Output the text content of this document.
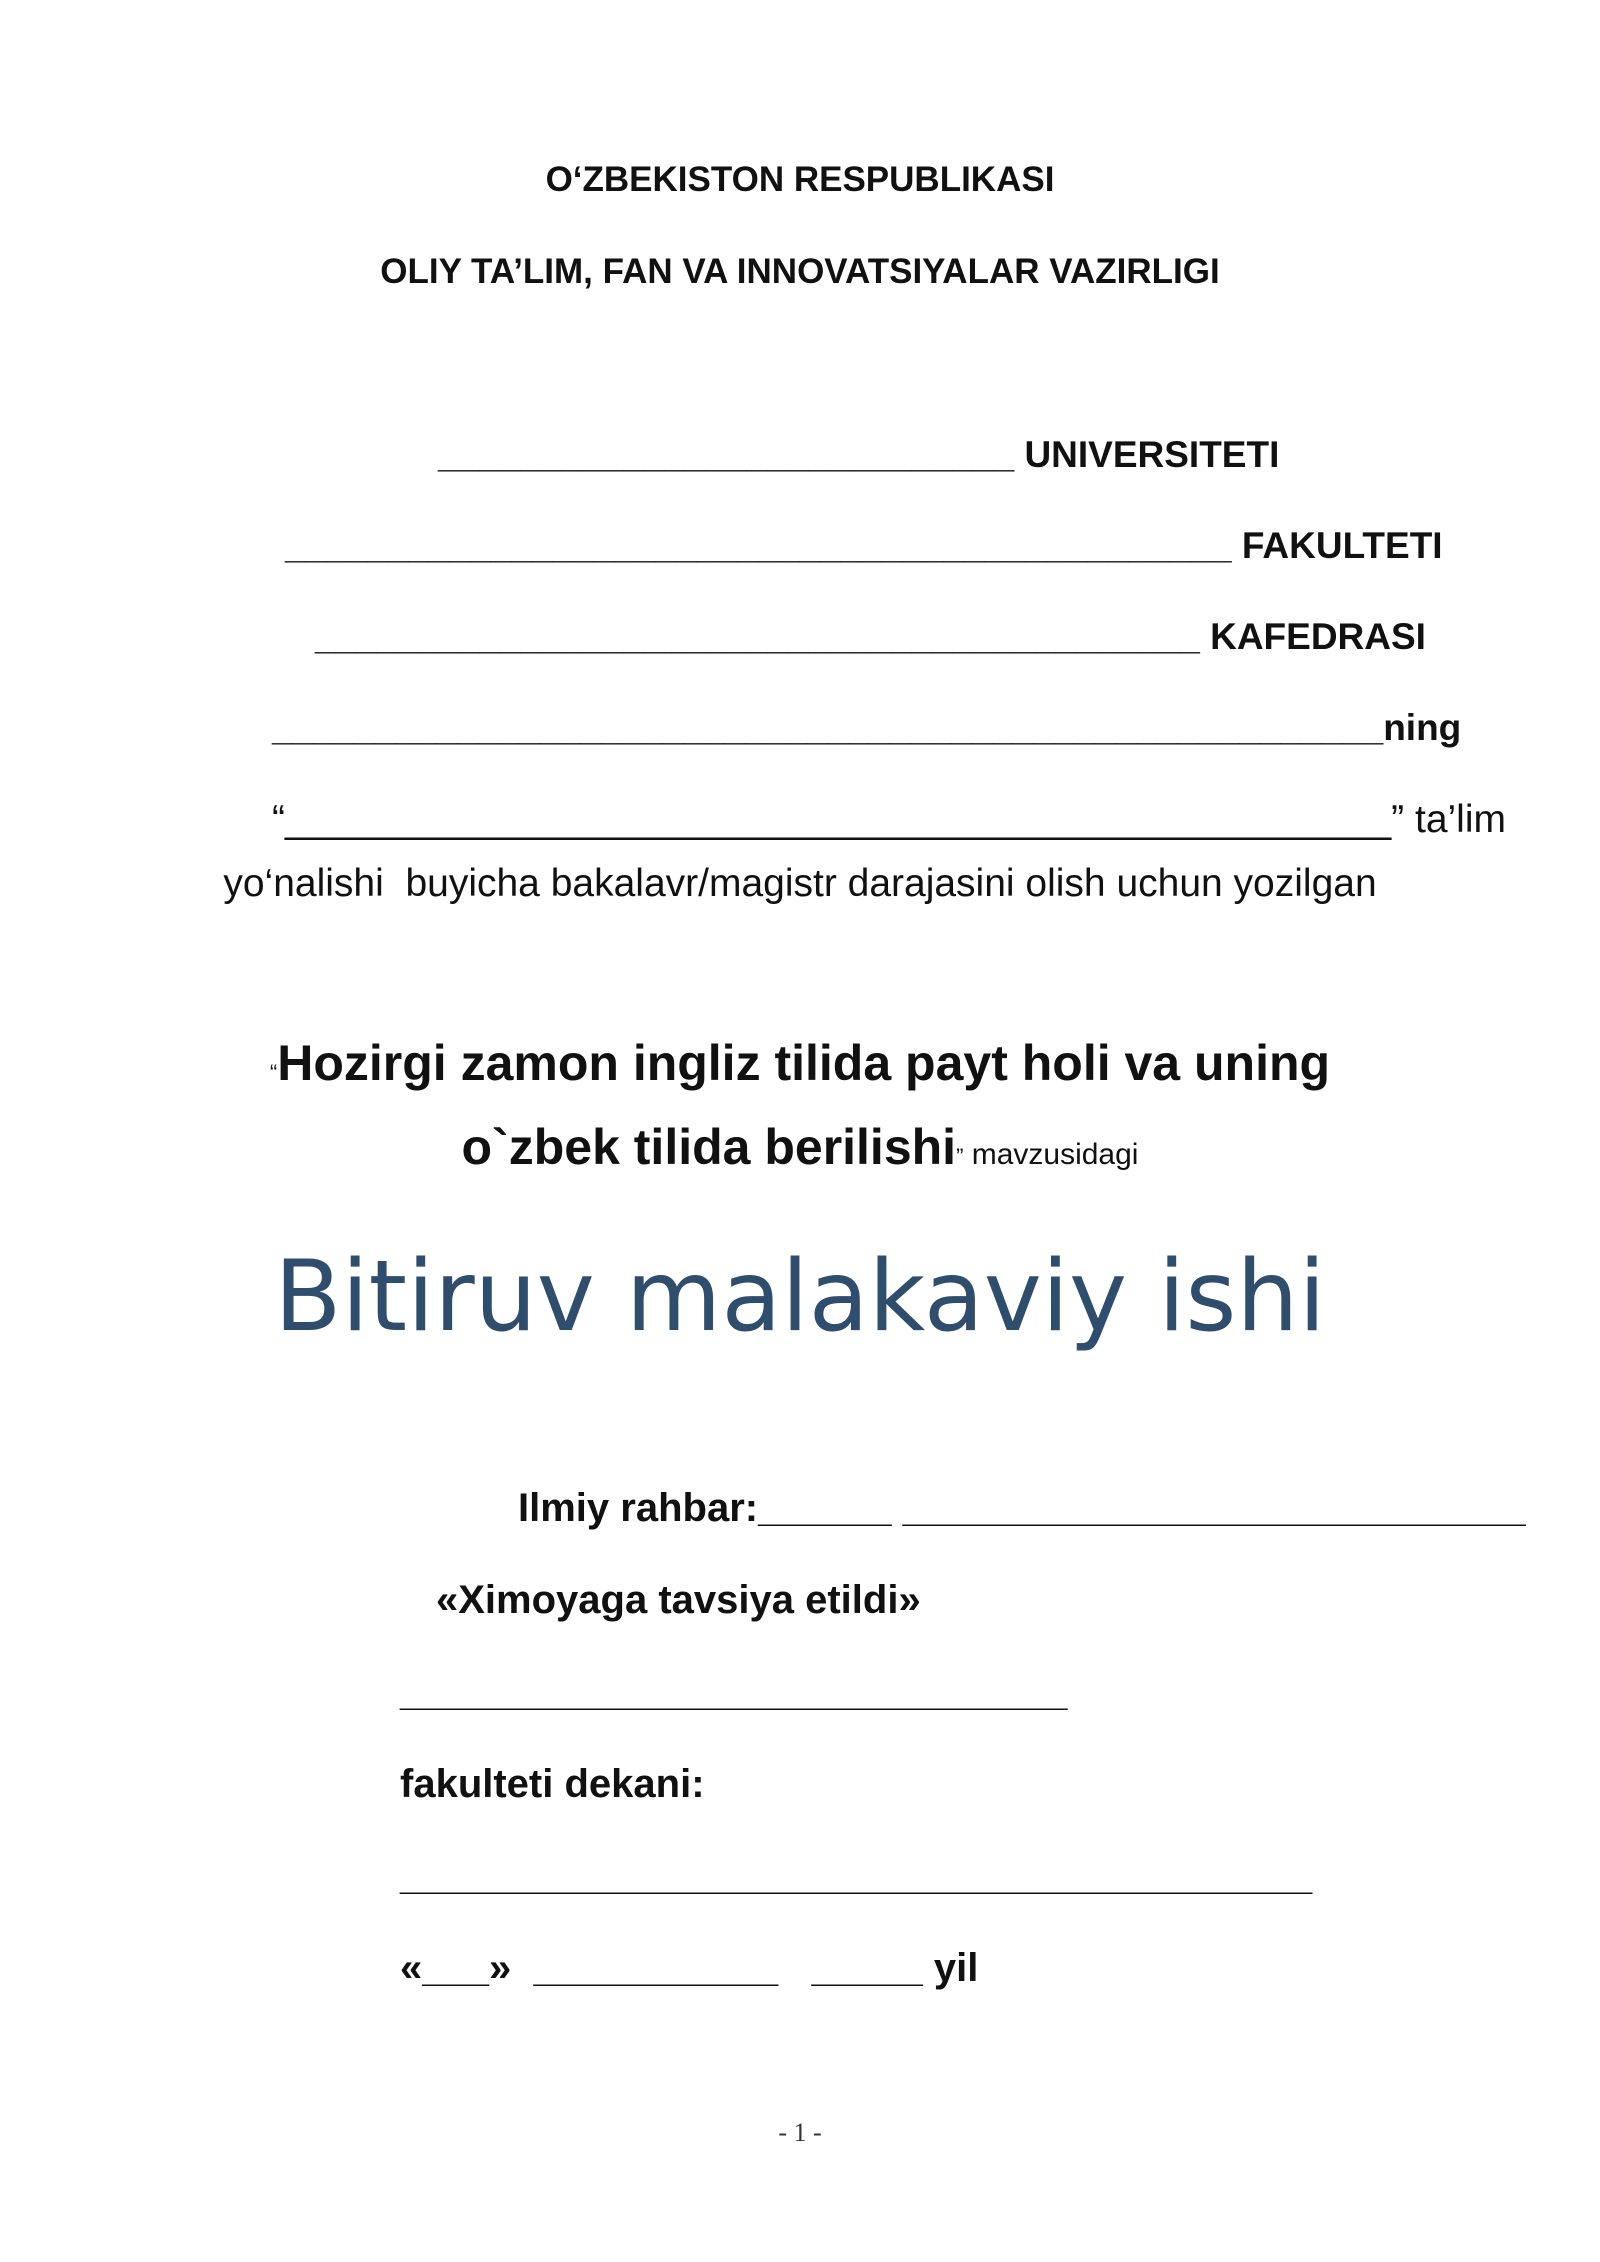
O‘ZBEKISTON RESPUBLIKASI
OLIY TA’LIM, FAN VA INNOVATSIYALAR VAZIRLIGI
____________________________ UNIVERSITETI
______________________________________________ FAKULTETI
___________________________________________ KAFEDRASI
______________________________________________________ning
“___________________________________________________” ta’lim
yo‘nalishi  buyicha bakalavr/magistr darajasini olish uchun yozilgan
“Hozirgi zamon ingliz tilida payt holi va uning
o`zbek tilida berilishi” mavzusidagi
Bitiruv malakaviy ishi
Ilmiy rahbar:______ ____________________________
«Ximoyaga tavsiya etildi»
______________________________
fakulteti dekani:
_________________________________________
«___»  ___________   _____ yil
- 1 -
